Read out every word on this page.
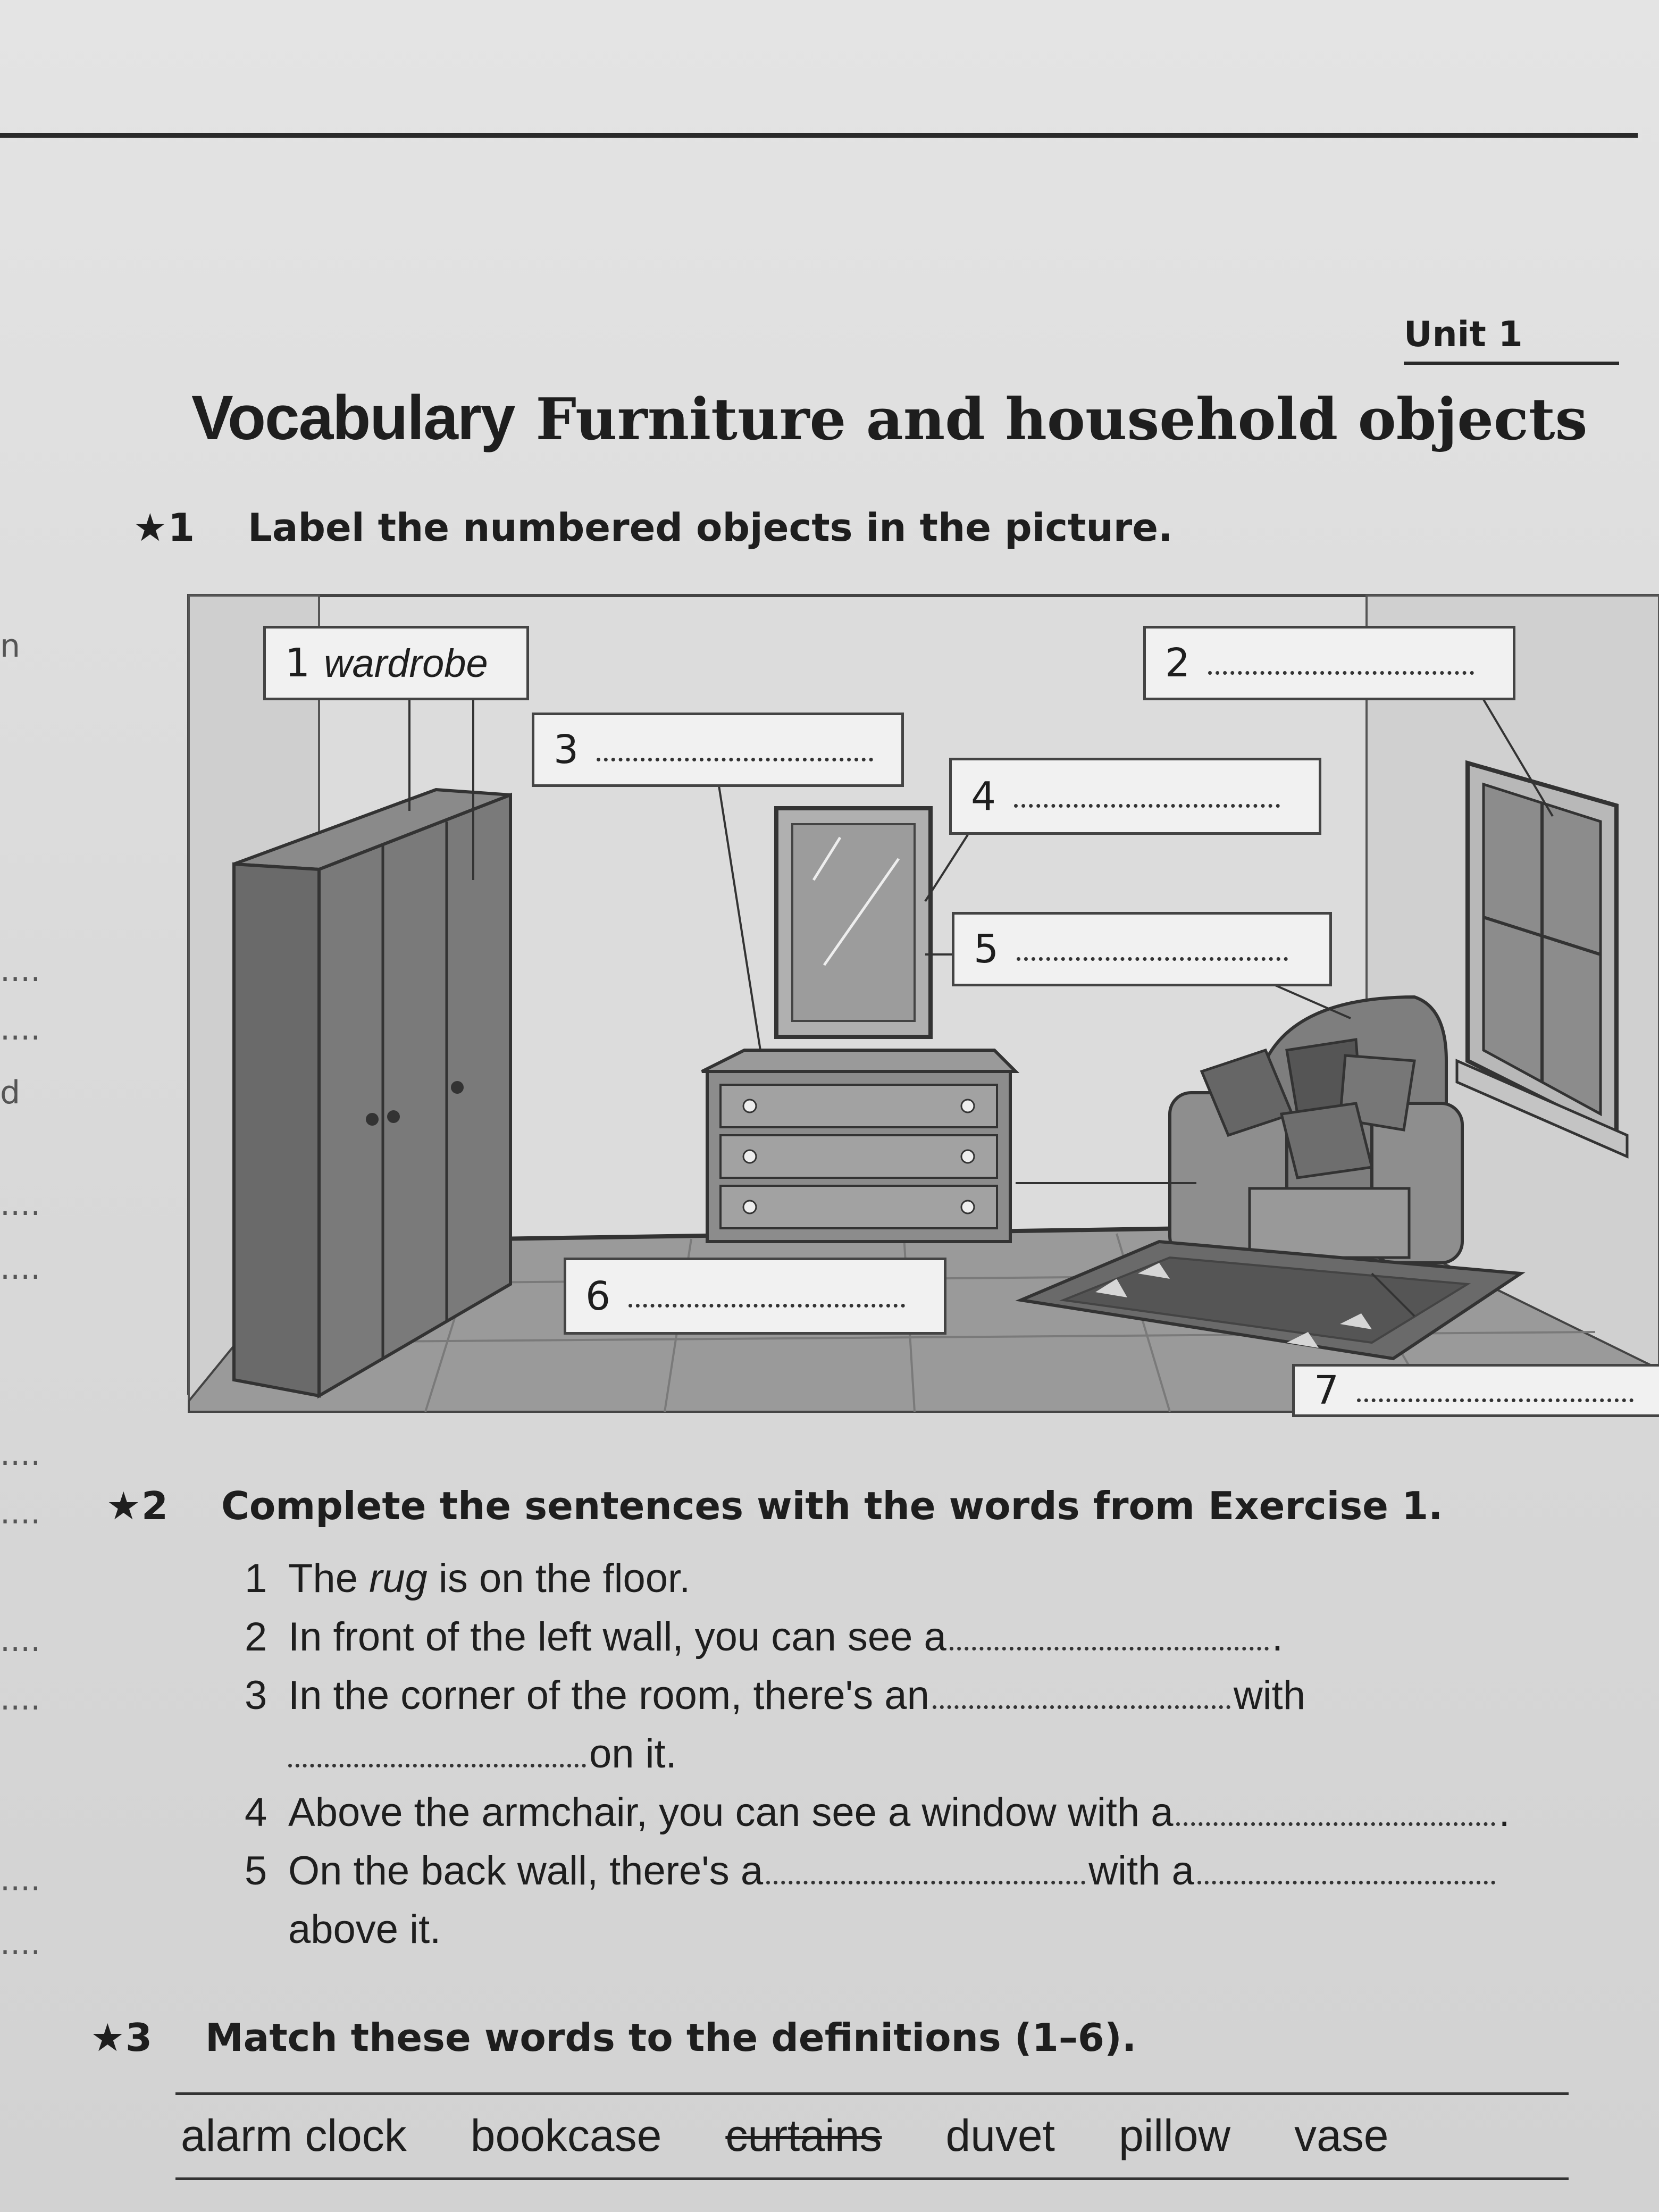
n
....
....
d
....
....
....
....
....
....
....
....
Unit 1
Vocabulary Furniture and household objects
★1 Label the numbered objects in the picture.
1 wardrobe	2
3
4
5
6
7
★2 Complete the sentences with the words from Exercise 1.
1 The rug is on the floor.
2 In front of the left wall, you can see a	.
3 In the corner of the room, there's an	with
on it.
4 Above the armchair, you can see a window with a	.
5 On the back wall, there's a	with a
above it.
★3 Match these words to the definitions (1–6).
alarm clock bookcase curtains duvet pillow vase
